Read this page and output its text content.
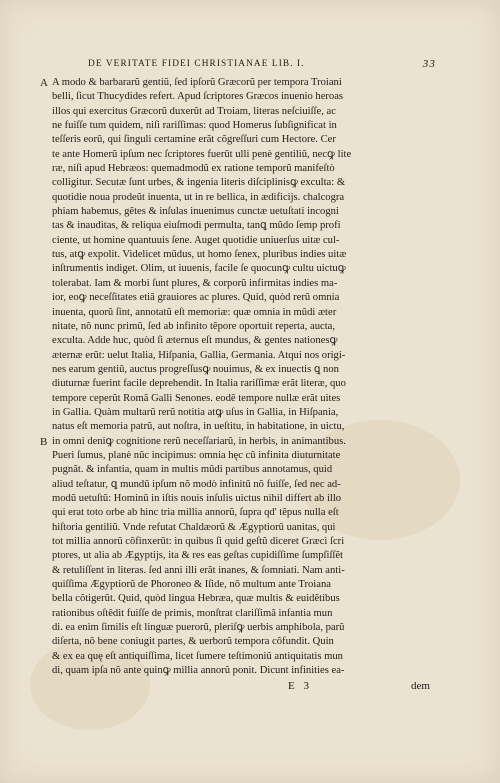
DE VERITATE FIDEI CHRISTIANAE LIB. I.	33
A A modo & barbararũ gentiũ, ſed ipſorũ Græcorũ per tempora Troiani
belli, ſicut Thucydides refert. Apud ſcriptores Græcos inuenio heroas
illos qui exercitus Græcorũ duxerũt ad Troiam, literas neſciuiſſe, ac
ne fuiſſe tum quidem, niſi rariſſimas: quod Homerus ſubſignificat in
teſſeris eorũ, qui ſinguli certamine erãt cõgreſſuri cum Hectore. Cer
te ante Homerũ ipſum nec ſcriptores fuerũt ulli penè gentiliũ, necꝙ lite
ræ, niſi apud Hebræos: quemadmodũ ex ratione temporũ manifeſtò
colligitur. Secutæ ſunt urbes, & ingenia literis diſciplinisꝙ exculta: &
quotidie noua prodeũt inuenta, ut in re bellica, in ædificijs. chalcogra
phiam habemus, gẽtes & inſulas inuenimus cunctæ uetuſtati incogni
tas & inauditas, & reliqua eiuſmodi permulta, tanꝗ mũdo ſemp profi
ciente, ut homine quantuuis ſene. Auget quotidie uniuerſus uitæ cul-
tus, atꝙ expolit. Videlicet mũdus, ut homo ſenex, pluribus indies uitæ
inſtrumentis indiget. Olim, ut iuuenis, facile ſe quocunꝙ cultu uictuꝙ
tolerabat. Iam & morbi ſunt plures, & corporũ infirmitas indies ma-
ior, eoꝙ neceſſitates etiã grauiores ac plures. Quid, quòd rerũ omnia
inuenta, quorũ ſint, annotatũ eſt memoriæ: quæ omnia in mũdi æter
nitate, nõ nunc primũ, ſed ab infinito tẽpore oportuit reperta, aucta,
exculta. Adde huc, quòd ſi æternus eſt mundus, & gentes nationesꝙ
æternæ erũt: uelut Italia, Hiſpania, Gallia, Germania. Atqui nos origi-
nes earum gentiũ, auctus progreſſusꝙ nouimus, & ex inuectis ꝗ non
diuturnæ fuerint facile deprehendit. In Italia rariſſimæ erãt literæ, quo
tempore ceperũt Romã Galli Senones. eodẽ tempore nullæ erãt uites
in Gallia. Quàm multarũ rerũ notitia atꝙ uſus in Gallia, in Hiſpania,
natus eſt memoria patrũ, aut noſtra, in ueſtitu, in habitatione, in uictu,
B in omni deniꝙ cognitione rerũ neceſſariarũ, in herbis, in animantibus.
Pueri ſumus, planè nũc incipimus: omnia hęc cũ infinita diuturnitate
pugnãt. & infantia, quam in multis mũdi partibus annotamus, quid
aliud teſtatur, ꝗ mundũ ipſum nõ modò infinitũ nõ fuiſſe, ſed nec ad-
modũ uetuſtũ: Hominũ in iſtis nouis inſulis uictus nihil differt ab illo
qui erat toto orbe ab hinc tria millia annorũ, ſupra qd' tẽpus nulla eſt
hiſtoria gentiliũ. Vnde refutat Chaldæorũ & Ægyptiorũ uanitas, qui
tot millia annorũ cõfinxerũt: in quibus ſi quid geſtũ diceret Græci ſcri
ptores, ut alia ab Ægyptijs, ita & res eas geſtas cupidiſſime ſumpſiſſẽt
& retuliſſent in literas. ſed anni illi erãt inanes, & ſomniati. Nam anti-
quiſſima Ægyptiorũ de Phoroneo & Iſide, nõ multum ante Troiana
bella cõtigerũt. Quid, quòd lingua Hebræa, quæ multis & euidẽtibus
rationibus oſtẽdit fuiſſe de primis, monſtrat clariſſimã infantia mun
di. ea enim ſimilis eſt linguæ puerorũ, pleriſꝙ uerbis amphibola, parũ
diſerta, nõ bene coniugit partes, & uerborũ tempora cõfundit. Quin
& ex ea quę eſt antiquiſſima, licet ſumere teſtimoniũ antiquitatis mun
di, quam ipſa nõ ante quinꝙ millia annorũ ponit. Dicunt infinities ea-
E 3	dem
